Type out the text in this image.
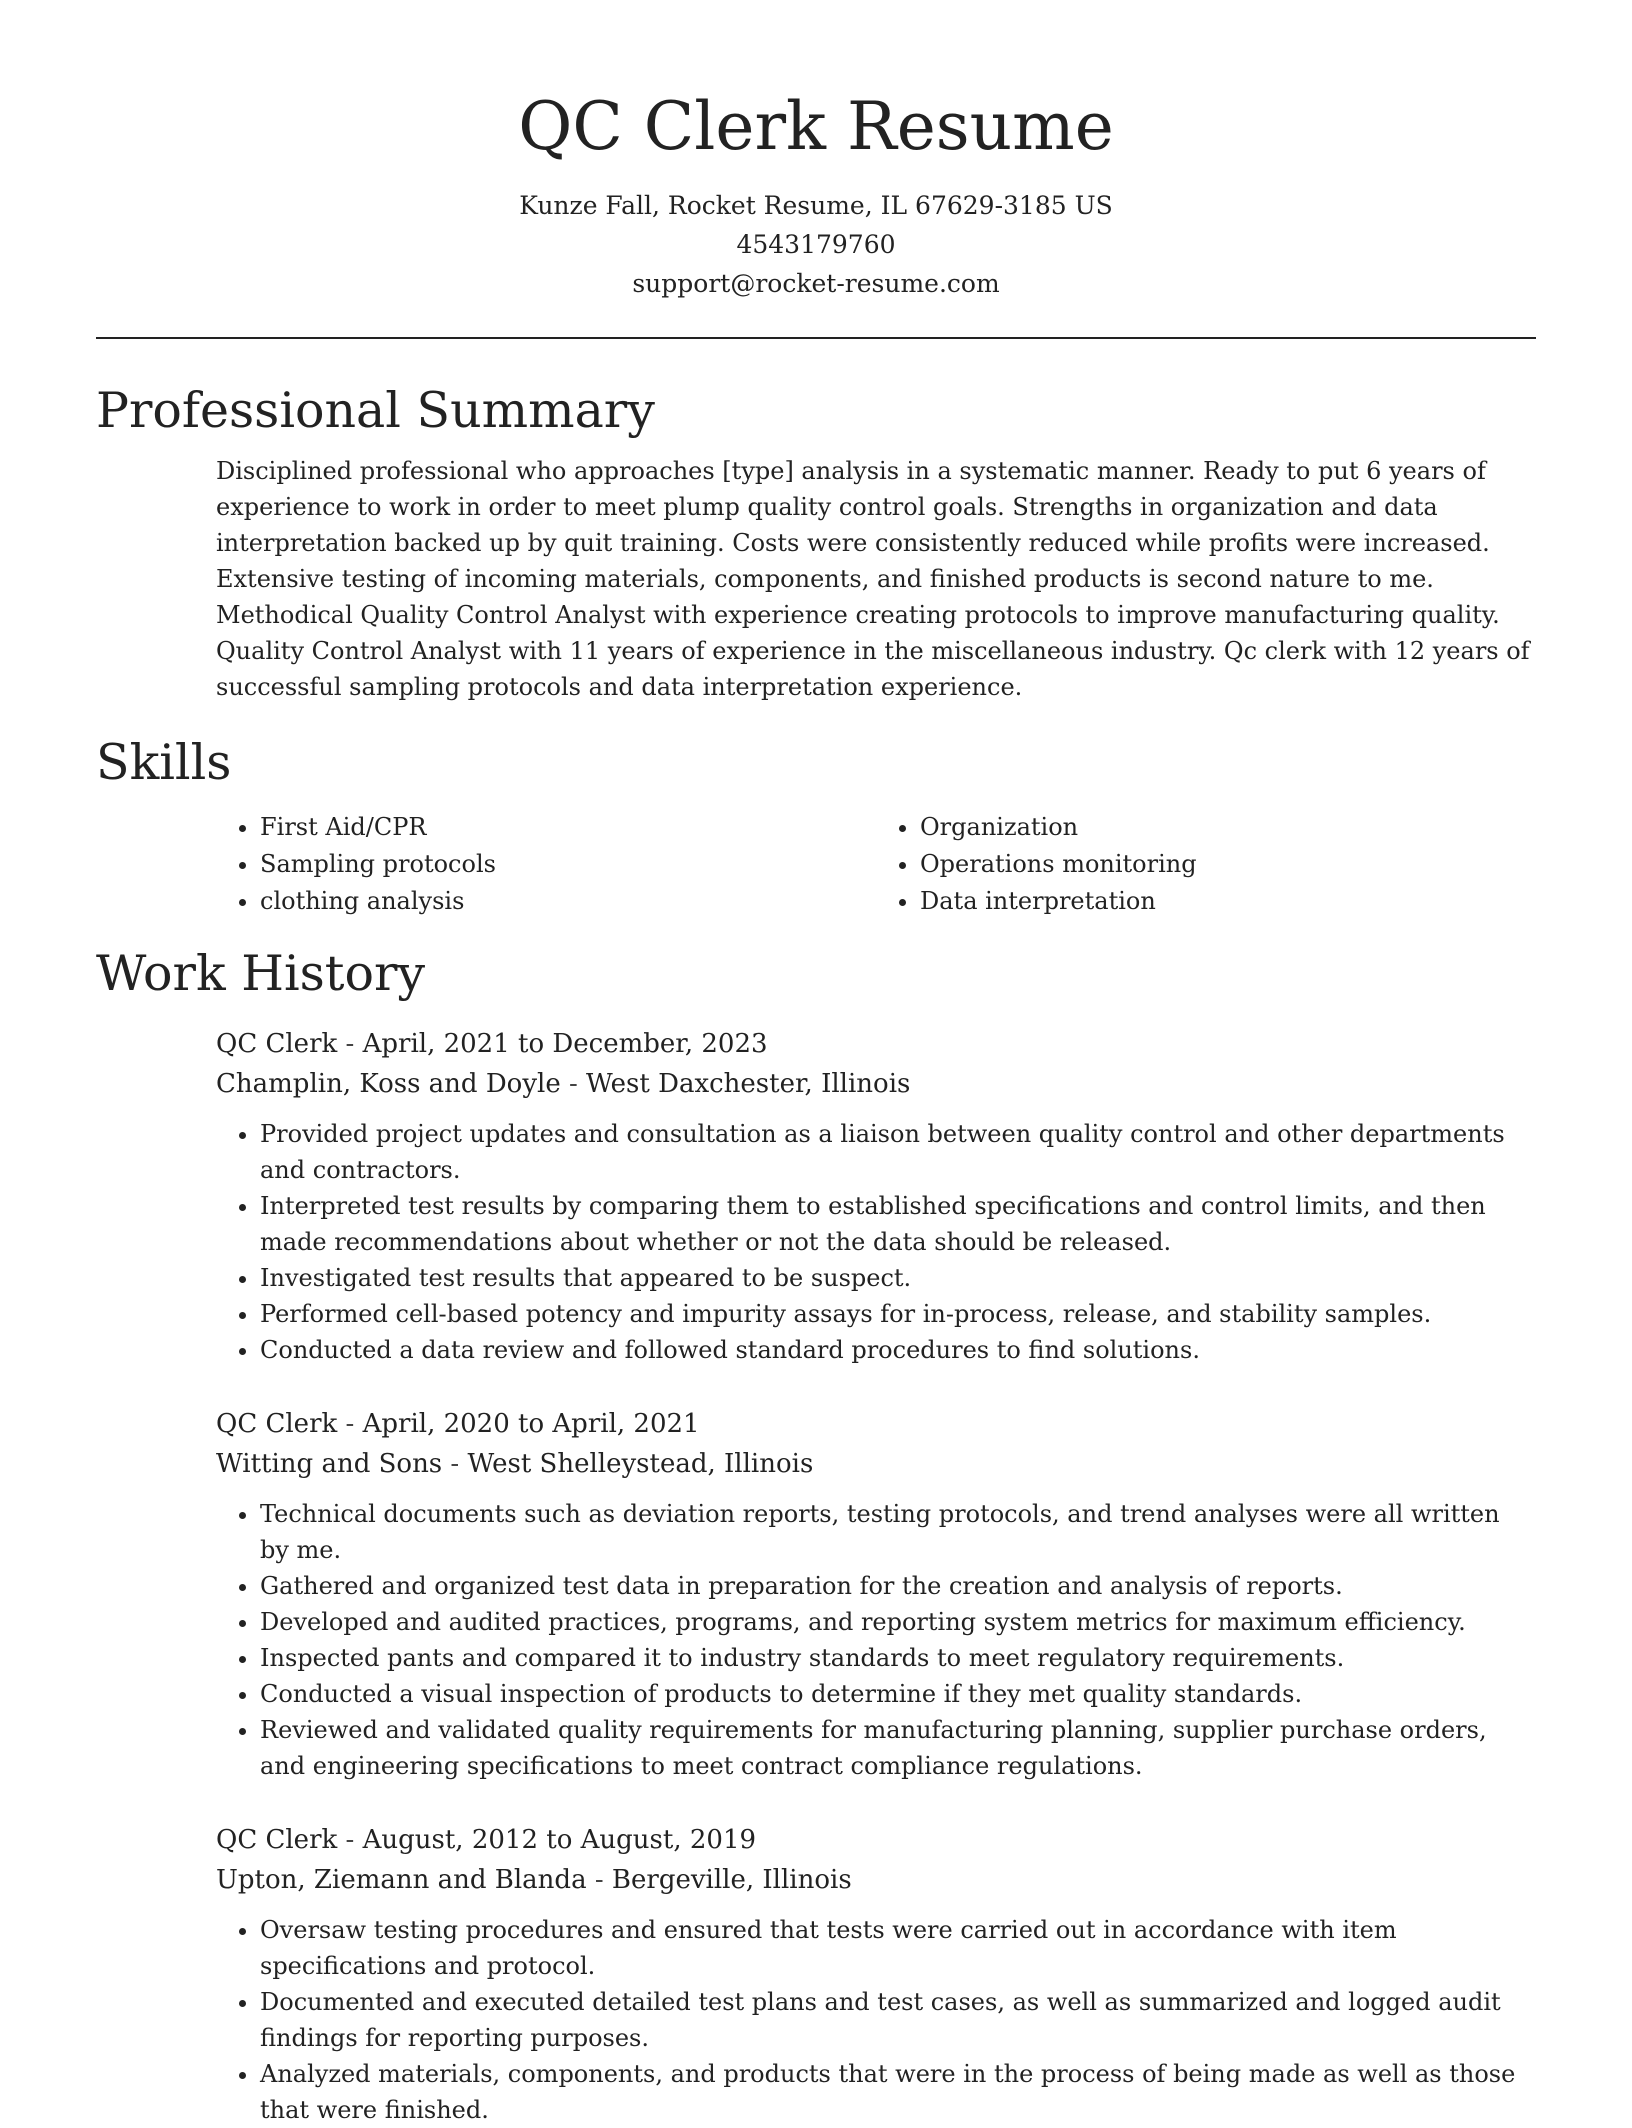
QC Clerk Resume
Kunze Fall, Rocket Resume, IL 67629-3185 US
4543179760
support@rocket-resume.com
Professional Summary

Disciplined professional who approaches [type] analysis in a systematic manner. Ready to put 6 years of experience to work in order to meet plump quality control goals. Strengths in organization and data interpretation backed up by quit training. Costs were consistently reduced while profits were increased. Extensive testing of incoming materials, components, and finished products is second nature to me. Methodical Quality Control Analyst with experience creating protocols to improve manufacturing quality. Quality Control Analyst with 11 years of experience in the miscellaneous industry. Qc clerk with 12 years of successful sampling protocols and data interpretation experience.

Skills
• First Aid/CPR
• Sampling protocols
• clothing analysis
• Organization
• Operations monitoring
• Data interpretation
Work History
QC Clerk - April, 2021 to December, 2023
Champlin, Koss and Doyle - West Daxchester, Illinois
• Provided project updates and consultation as a liaison between quality control and other departments and contractors.
• Interpreted test results by comparing them to established specifications and control limits, and then made recommendations about whether or not the data should be released.
• Investigated test results that appeared to be suspect.
• Performed cell-based potency and impurity assays for in-process, release, and stability samples.
• Conducted a data review and followed standard procedures to find solutions.
QC Clerk - April, 2020 to April, 2021
Witting and Sons - West Shelleystead, Illinois
• Technical documents such as deviation reports, testing protocols, and trend analyses were all written by me.
• Gathered and organized test data in preparation for the creation and analysis of reports.
• Developed and audited practices, programs, and reporting system metrics for maximum efficiency.
• Inspected pants and compared it to industry standards to meet regulatory requirements.
• Conducted a visual inspection of products to determine if they met quality standards.
• Reviewed and validated quality requirements for manufacturing planning, supplier purchase orders, and engineering specifications to meet contract compliance regulations.
QC Clerk - August, 2012 to August, 2019
Upton, Ziemann and Blanda - Bergeville, Illinois
• Oversaw testing procedures and ensured that tests were carried out in accordance with item specifications and protocol.
• Documented and executed detailed test plans and test cases, as well as summarized and logged audit findings for reporting purposes.
• Analyzed materials, components, and products that were in the process of being made as well as those that were finished.
